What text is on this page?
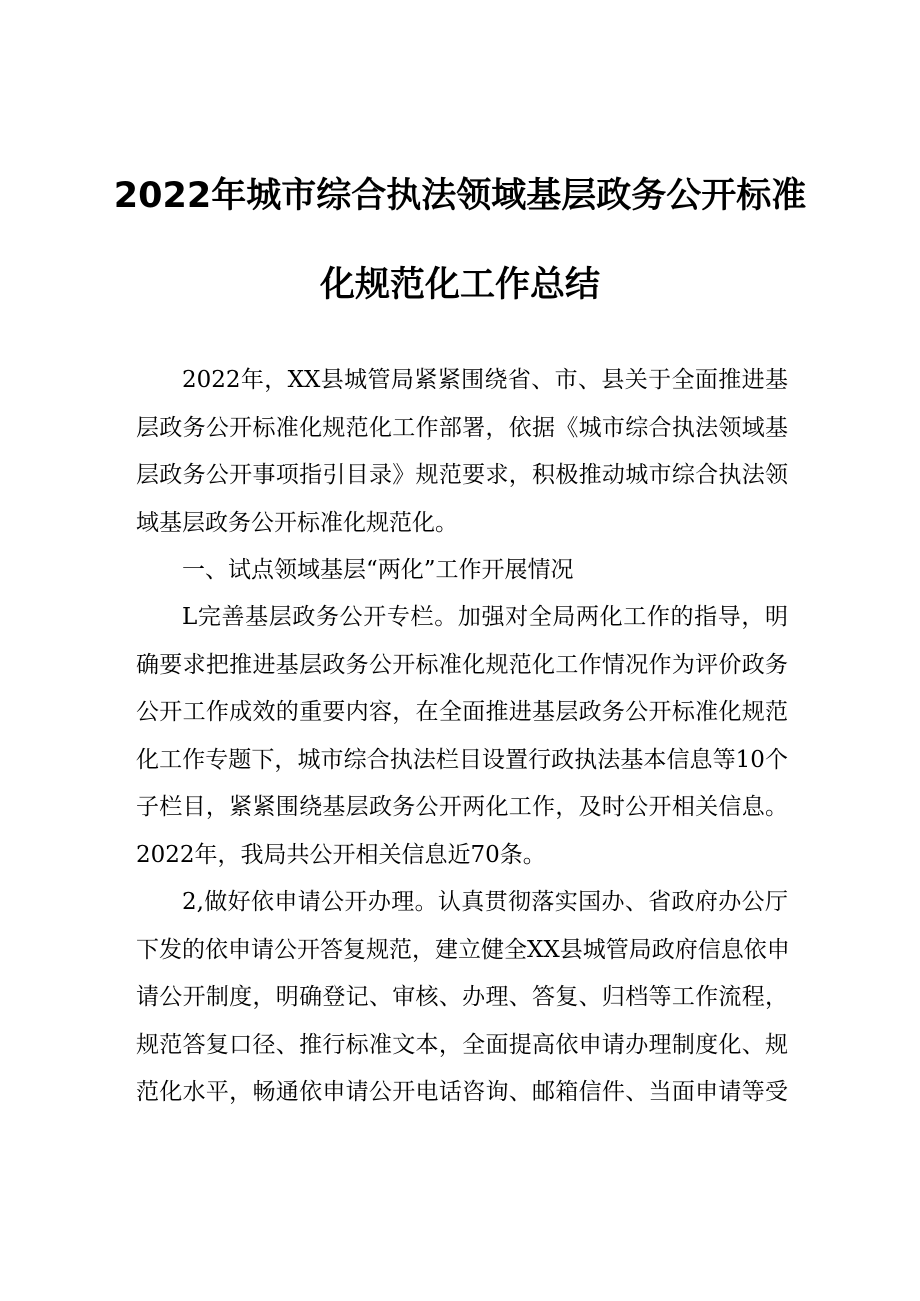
2022年城市综合执法领域基层政务公开标准
化规范化工作总结
2022年，XX县城管局紧紧围绕省、市、县关于全面推进基
层政务公开标准化规范化工作部署，依据《城市综合执法领域基
层政务公开事项指引目录》规范要求，积极推动城市综合执法领
域基层政务公开标准化规范化。
一、试点领域基层“两化”工作开展情况
L完善基层政务公开专栏。加强对全局两化工作的指导，明
确要求把推进基层政务公开标准化规范化工作情况作为评价政务
公开工作成效的重要内容，在全面推进基层政务公开标准化规范
化工作专题下，城市综合执法栏目设置行政执法基本信息等10个
子栏目，紧紧围绕基层政务公开两化工作，及时公开相关信息。
2022年，我局共公开相关信息近70条。
2,做好依申请公开办理。认真贯彻落实国办、省政府办公厅
下发的依申请公开答复规范，建立健全XX县城管局政府信息依申
请公开制度，明确登记、审核、办理、答复、归档等工作流程，
规范答复口径、推行标准文本，全面提高依申请办理制度化、规
范化水平，畅通依申请公开电话咨询、邮箱信件、当面申请等受
